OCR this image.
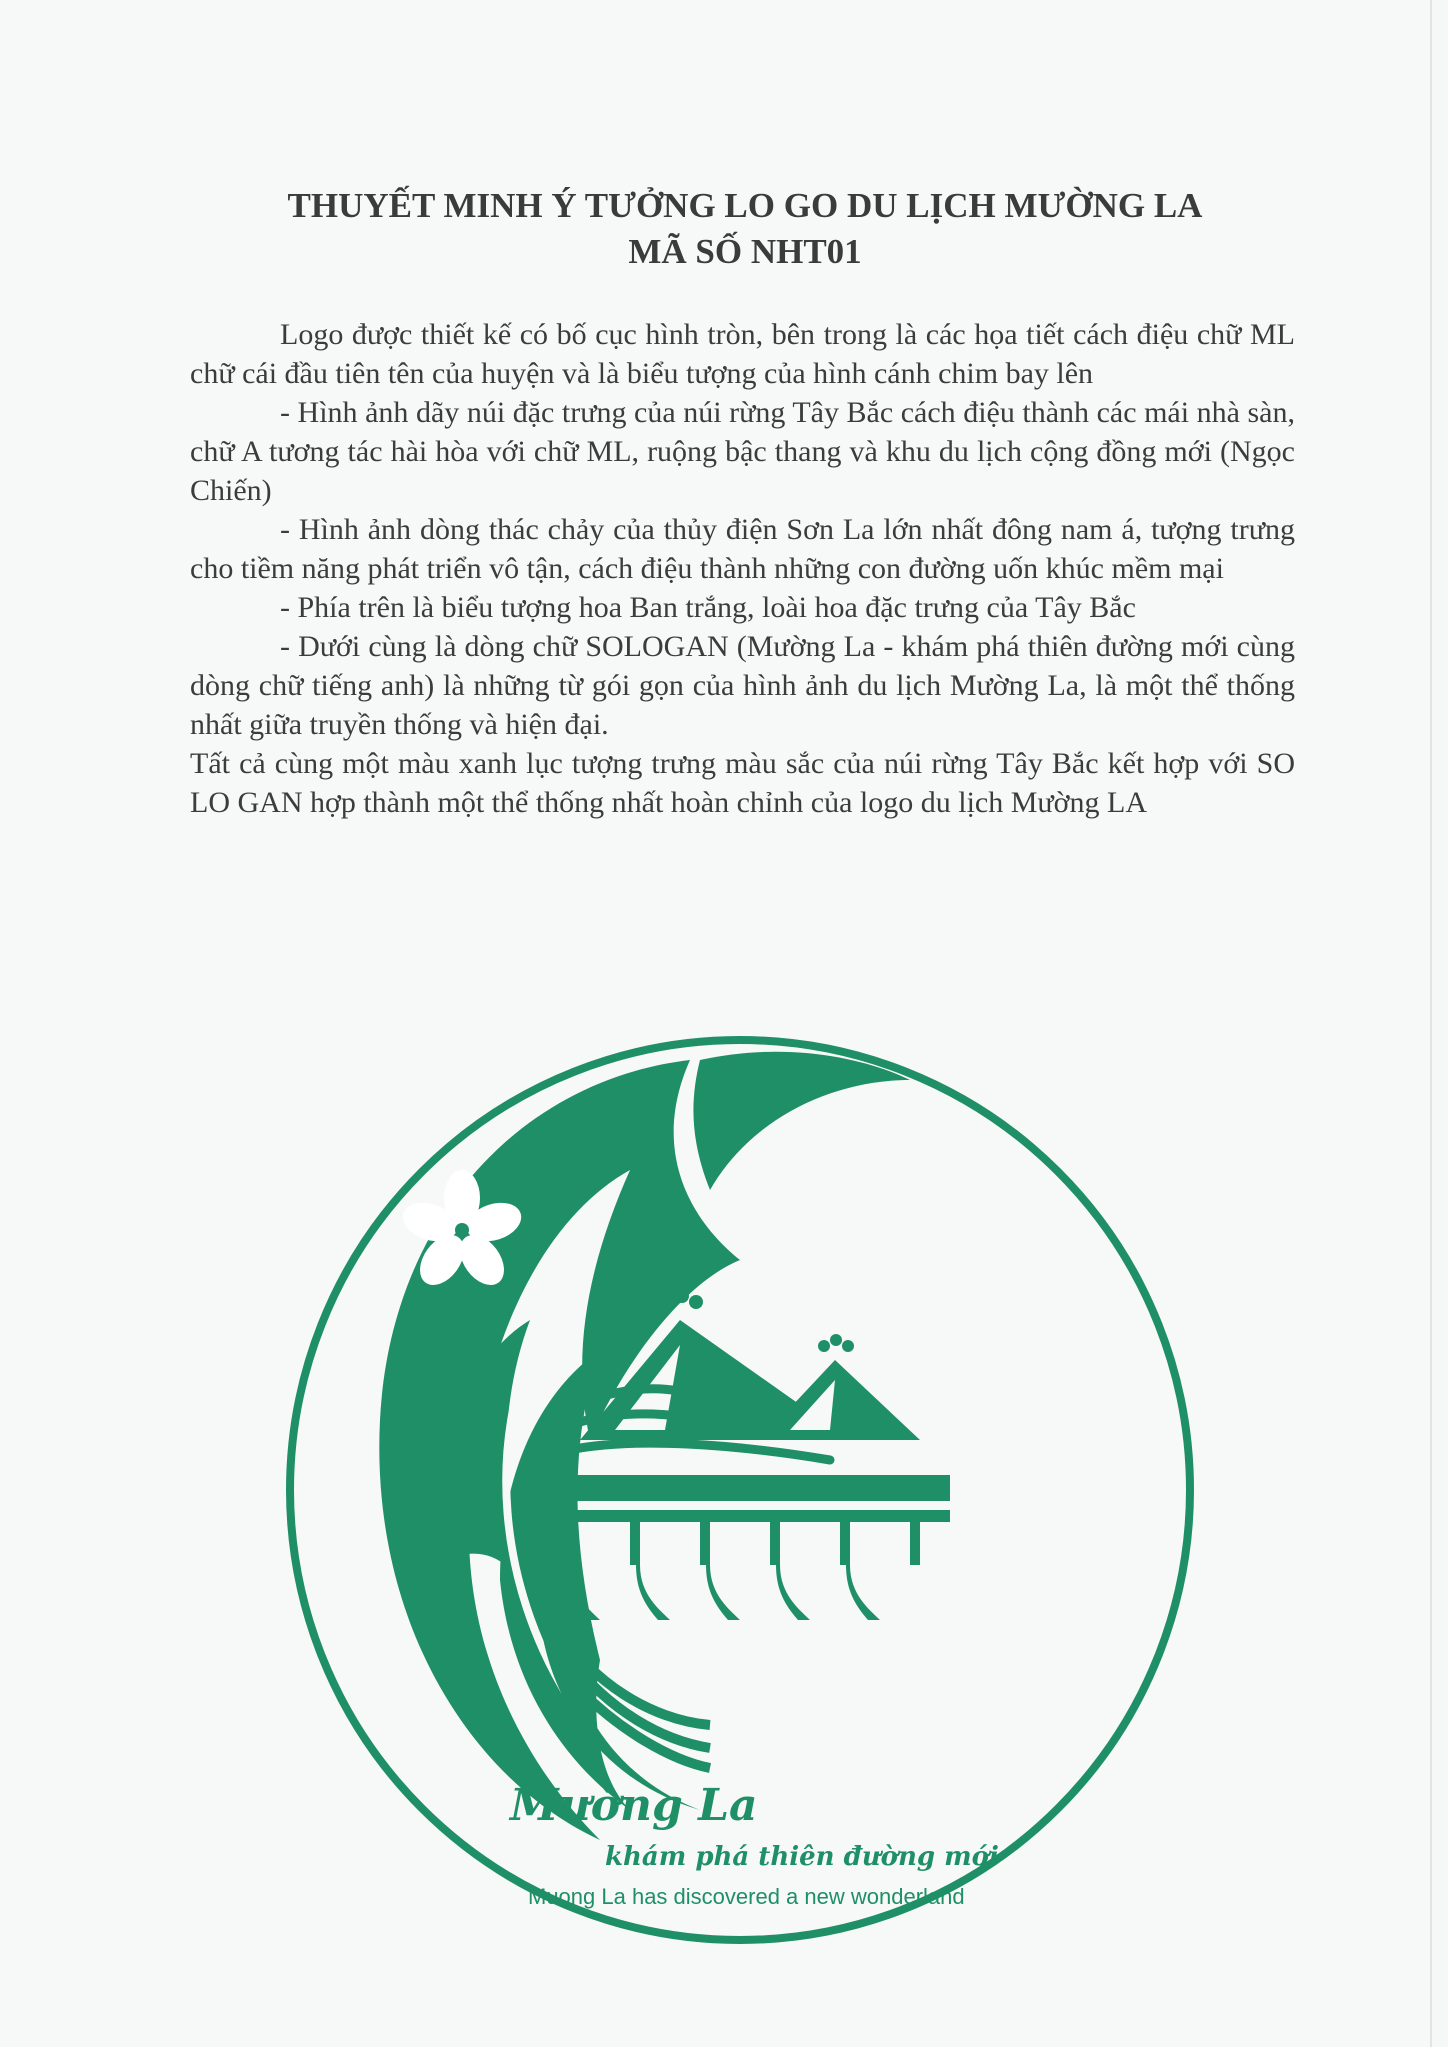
THUYẾT MINH Ý TƯỞNG LO GO DU LỊCH MƯỜNG LA
MÃ SỐ NHT01

Logo được thiết kế có bố cục hình tròn, bên trong là các họa tiết cách điệu chữ ML chữ cái đầu tiên tên của huyện và là biểu tượng của hình cánh chim bay lên

- Hình ảnh dãy núi đặc trưng của núi rừng Tây Bắc cách điệu thành các mái nhà sàn, chữ A tương tác hài hòa với chữ ML, ruộng bậc thang và khu du lịch cộng đồng mới (Ngọc Chiến)

- Hình ảnh dòng thác chảy của thủy điện Sơn La lớn nhất đông nam á, tượng trưng cho tiềm năng phát triển vô tận, cách điệu thành những con đường uốn khúc mềm mại

- Phía trên là biểu tượng hoa Ban trắng, loài hoa đặc trưng của Tây Bắc

- Dưới cùng là dòng chữ SOLOGAN (Mường La - khám phá thiên đường mới cùng dòng chữ tiếng anh) là những từ gói gọn của hình ảnh du lịch Mường La, là một thể thống nhất giữa truyền thống và hiện đại.

Tất cả cùng một màu xanh lục tượng trưng màu sắc của núi rừng Tây Bắc kết hợp với SO LO GAN hợp thành một thể thống nhất hoàn chỉnh của logo du lịch Mường LA

Mường La
khám phá thiên đường mới
Muong La has discovered a new wonderland
